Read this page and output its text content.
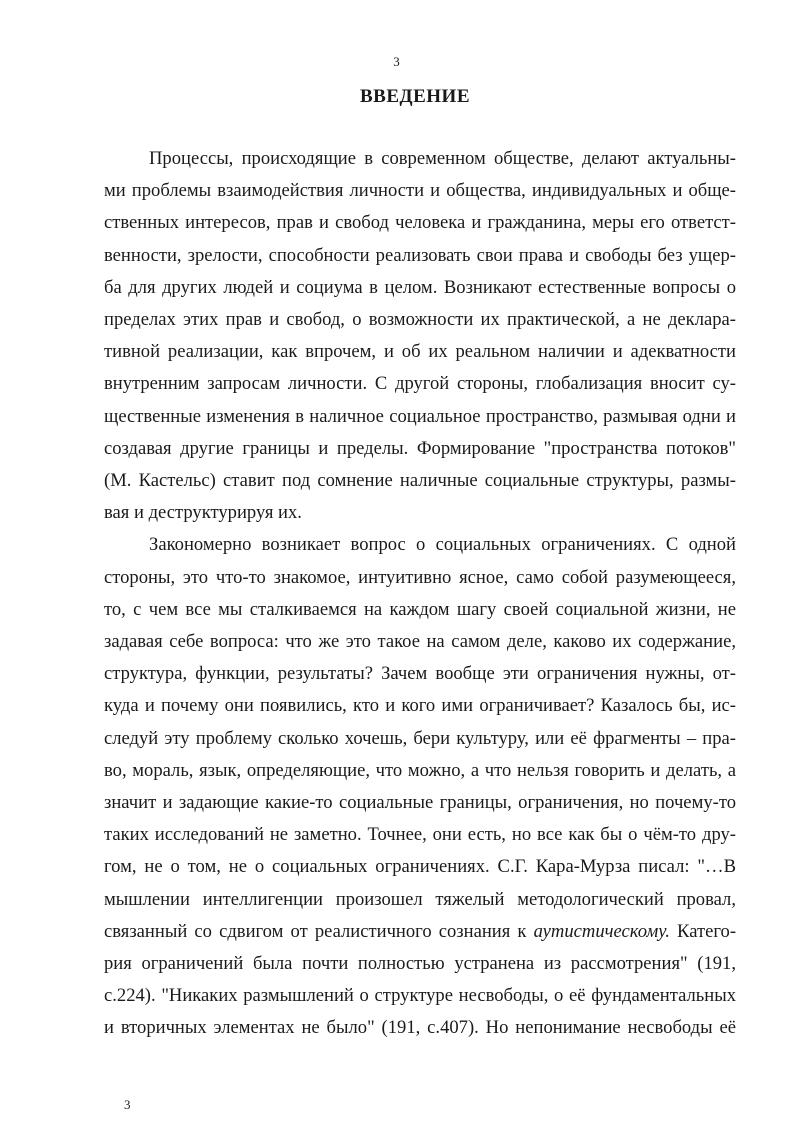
3
ВВЕДЕНИЕ

Процессы, происходящие в современном обществе, делают актуальны-
ми проблемы взаимодействия личности и общества, индивидуальных и обще-
ственных интересов, прав и свобод человека и гражданина, меры его ответст-
венности, зрелости, способности реализовать свои права и свободы без ущер-
ба для других людей и социума в целом. Возникают естественные вопросы о
пределах этих прав и свобод, о возможности их практической, а не деклара-
тивной реализации, как впрочем, и об их реальном наличии и адекватности
внутренним запросам личности. С другой стороны, глобализация вносит су-
щественные изменения в наличное социальное пространство, размывая одни и
создавая другие границы и пределы. Формирование "пространства потоков"
(М. Кастельс) ставит под сомнение наличные социальные структуры, размы-
вая и деструктурируя их.

Закономерно возникает вопрос о социальных ограничениях. С одной
стороны, это что-то знакомое, интуитивно ясное, само собой разумеющееся,
то, с чем все мы сталкиваемся на каждом шагу своей социальной жизни, не
задавая себе вопроса: что же это такое на самом деле, каково их содержание,
структура, функции, результаты? Зачем вообще эти ограничения нужны, от-
куда и почему они появились, кто и кого ими ограничивает? Казалось бы, ис-
следуй эту проблему сколько хочешь, бери культуру, или её фрагменты – пра-
во, мораль, язык, определяющие, что можно, а что нельзя говорить и делать, а
значит и задающие какие-то социальные границы, ограничения, но почему-то
таких исследований не заметно. Точнее, они есть, но все как бы о чём-то дру-
гом, не о том, не о социальных ограничениях. С.Г. Кара-Мурза писал: "…В
мышлении интеллигенции произошел тяжелый методологический провал,
связанный со сдвигом от реалистичного сознания к аутистическому. Катего-
рия ограничений была почти полностью устранена из рассмотрения" (191,
с.224). "Никаких размышлений о структуре несвободы, о её фундаментальных
и вторичных элементах не было" (191, с.407). Но непонимание несвободы её

3
